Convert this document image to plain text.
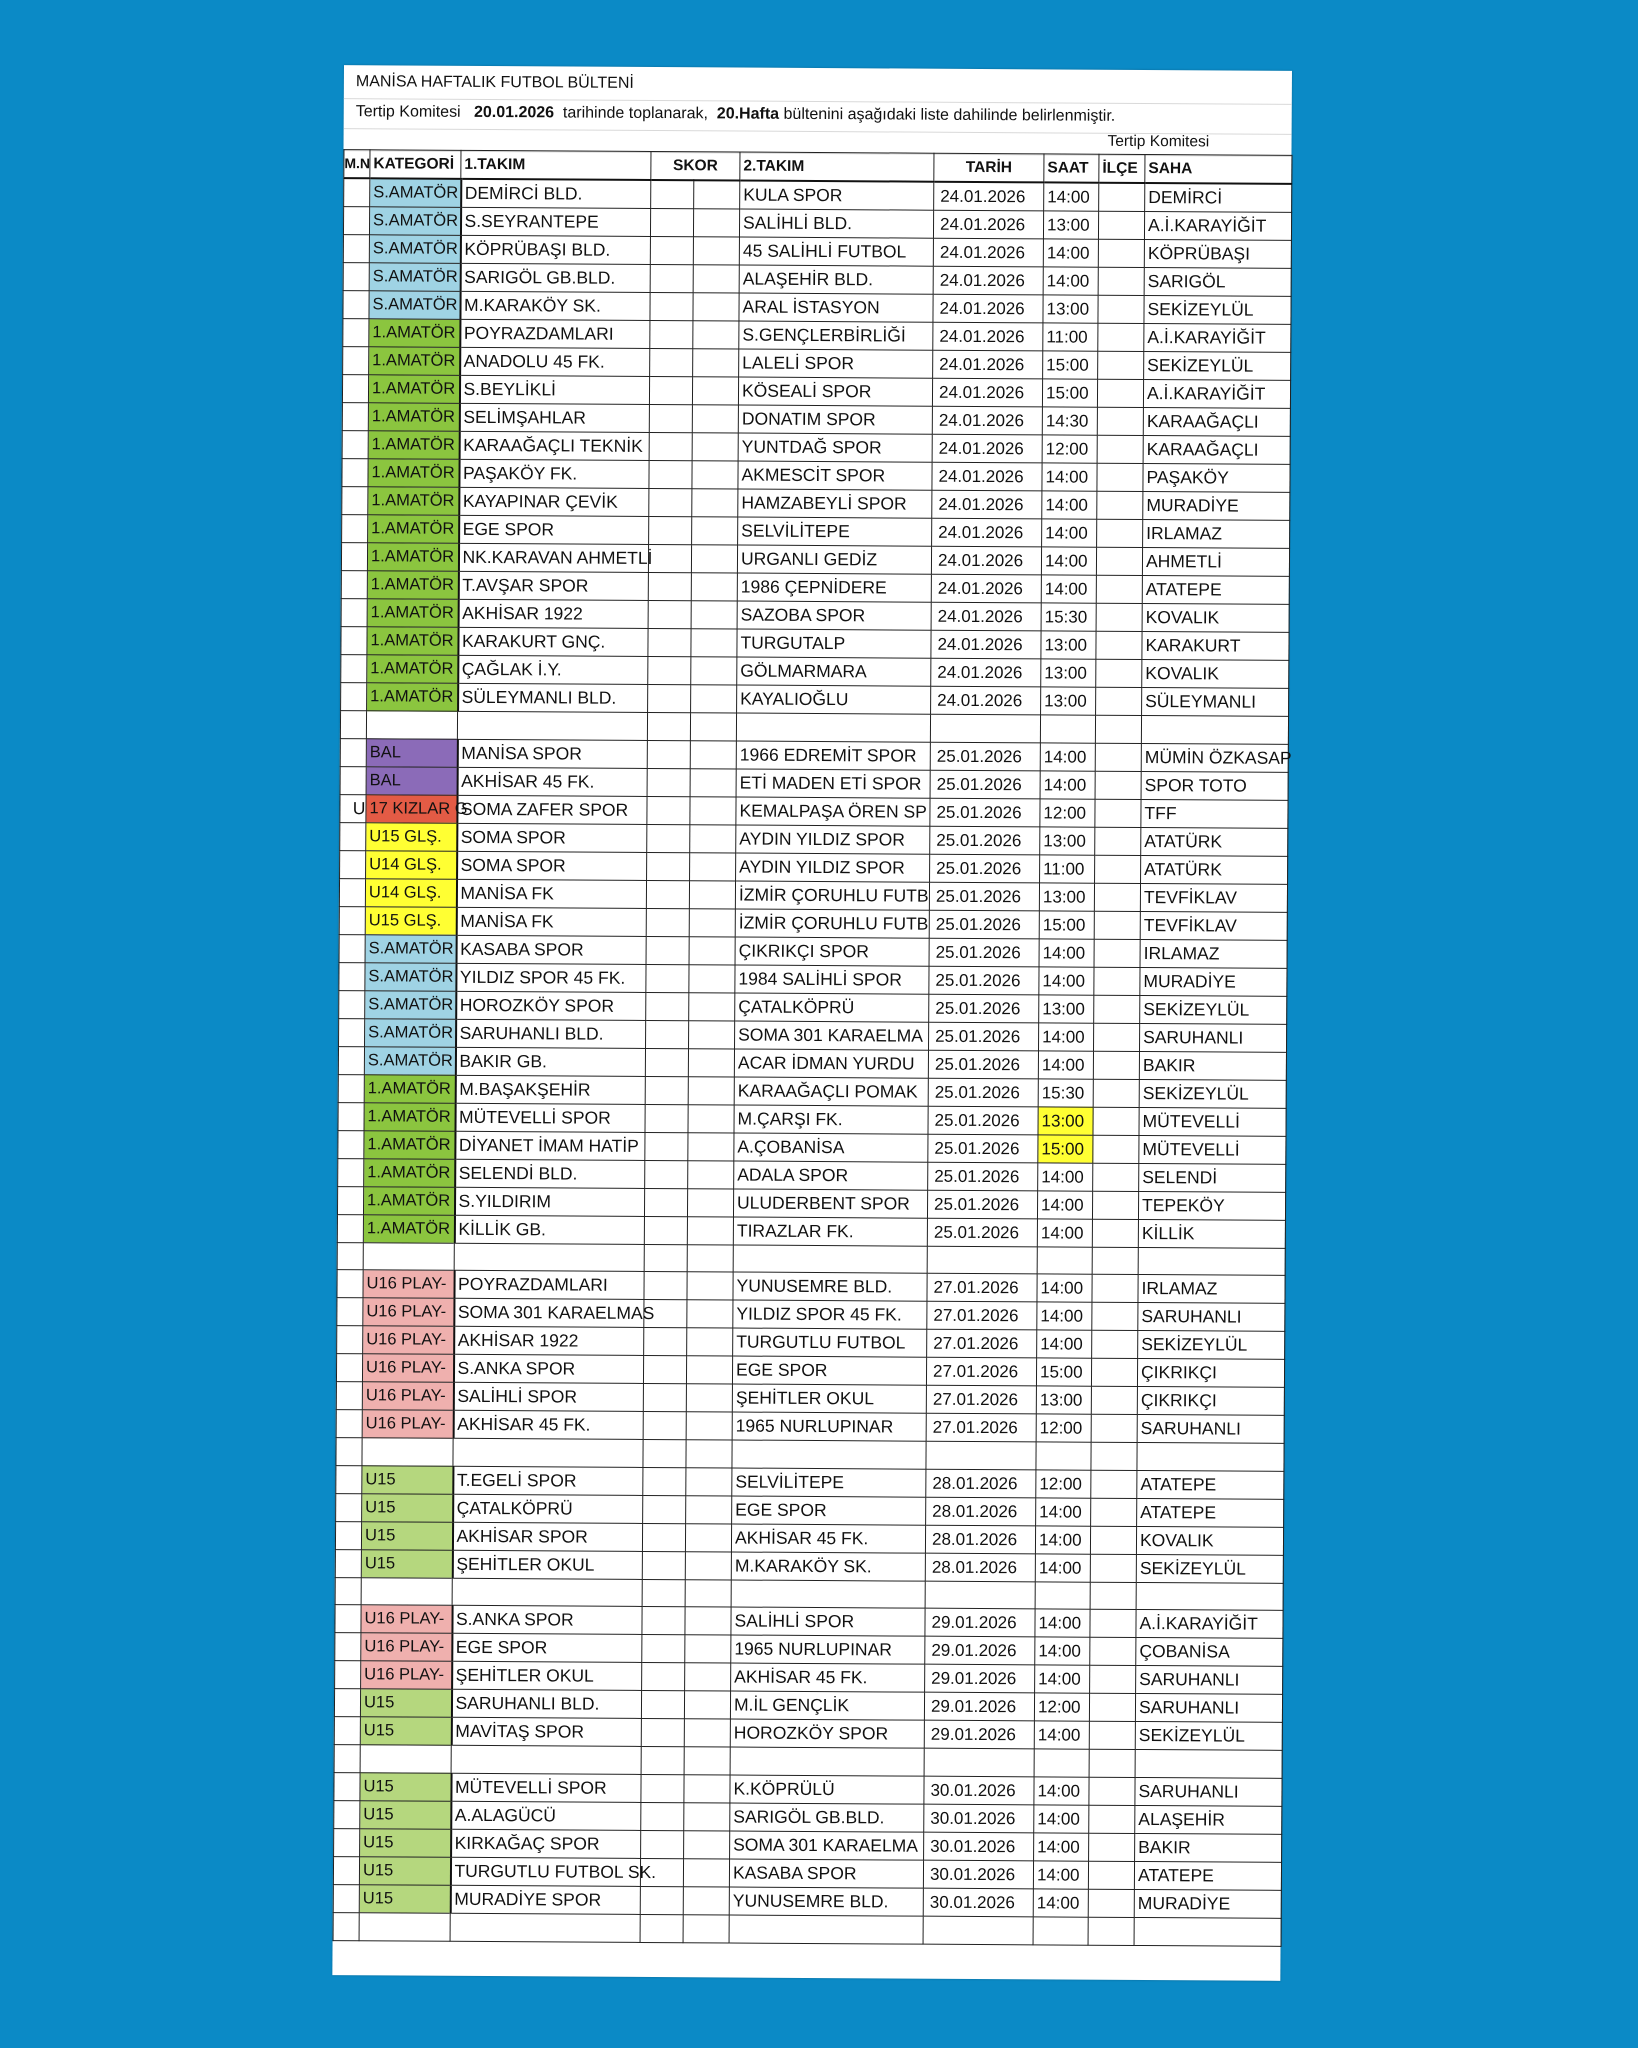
MANİSA HAFTALIK FUTBOL BÜLTENİ
Tertip Komitesi 20.01.2026 tarihinde toplanarak, 20.Hafta bültenini aşağıdaki liste dahilinde belirlenmiştir.
Tertip Komitesi
M.N	KATEGORİ	1.TAKIM	SKOR		2.TAKIM	TARİH	SAAT	İLÇE	SAHA
	S.AMATÖR	DEMİRCİ BLD.			KULA SPOR	24.01.2026	14:00		DEMİRCİ
	S.AMATÖR	S.SEYRANTEPE			SALİHLİ BLD.	24.01.2026	13:00		A.İ.KARAYİĞİT
	S.AMATÖR	KÖPRÜBAŞI BLD.			45 SALİHLİ FUTBOL	24.01.2026	14:00		KÖPRÜBAŞI
	S.AMATÖR	SARIGÖL GB.BLD.			ALAŞEHİR BLD.	24.01.2026	14:00		SARIGÖL
	S.AMATÖR	M.KARAKÖY SK.			ARAL İSTASYON	24.01.2026	13:00		SEKİZEYLÜL
	1.AMATÖR	POYRAZDAMLARI			S.GENÇLERBİRLİĞİ	24.01.2026	11:00		A.İ.KARAYİĞİT
	1.AMATÖR	ANADOLU 45 FK.			LALELİ SPOR	24.01.2026	15:00		SEKİZEYLÜL
	1.AMATÖR	S.BEYLİKLİ			KÖSEALİ SPOR	24.01.2026	15:00		A.İ.KARAYİĞİT
	1.AMATÖR	SELİMŞAHLAR			DONATIM SPOR	24.01.2026	14:30		KARAAĞAÇLI
	1.AMATÖR	KARAAĞAÇLI TEKNİK			YUNTDAĞ SPOR	24.01.2026	12:00		KARAAĞAÇLI
	1.AMATÖR	PAŞAKÖY FK.			AKMESCİT SPOR	24.01.2026	14:00		PAŞAKÖY
	1.AMATÖR	KAYAPINAR ÇEVİK			HAMZABEYLİ SPOR	24.01.2026	14:00		MURADİYE
	1.AMATÖR	EGE SPOR			SELVİLİTEPE	24.01.2026	14:00		IRLAMAZ
	1.AMATÖR	NK.KARAVAN AHMETLİ			URGANLI GEDİZ	24.01.2026	14:00		AHMETLİ
	1.AMATÖR	T.AVŞAR SPOR			1986 ÇEPNİDERE	24.01.2026	14:00		ATATEPE
	1.AMATÖR	AKHİSAR 1922			SAZOBA SPOR	24.01.2026	15:30		KOVALIK
	1.AMATÖR	KARAKURT GNÇ.			TURGUTALP	24.01.2026	13:00		KARAKURT
	1.AMATÖR	ÇAĞLAK İ.Y.			GÖLMARMARA	24.01.2026	13:00		KOVALIK
	1.AMATÖR	SÜLEYMANLI BLD.			KAYALIOĞLU	24.01.2026	13:00		SÜLEYMANLI

	BAL	MANİSA SPOR			1966 EDREMİT SPOR	25.01.2026	14:00		MÜMİN ÖZKASAP
	BAL	AKHİSAR 45 FK.			ETİ MADEN ETİ SPOR	25.01.2026	14:00		SPOR TOTO
U	17 KIZLAR G	SOMA ZAFER SPOR			KEMALPAŞA ÖREN SP	25.01.2026	12:00		TFF
	U15 GLŞ.	SOMA SPOR			AYDIN YILDIZ SPOR	25.01.2026	13:00		ATATÜRK
	U14 GLŞ.	SOMA SPOR			AYDIN YILDIZ SPOR	25.01.2026	11:00		ATATÜRK
	U14 GLŞ.	MANİSA FK			İZMİR ÇORUHLU FUTB	25.01.2026	13:00		TEVFİKLAV
	U15 GLŞ.	MANİSA FK			İZMİR ÇORUHLU FUTB	25.01.2026	15:00		TEVFİKLAV
	S.AMATÖR	KASABA SPOR			ÇIKRIKÇI SPOR	25.01.2026	14:00		IRLAMAZ
	S.AMATÖR	YILDIZ SPOR 45 FK.			1984 SALİHLİ SPOR	25.01.2026	14:00		MURADİYE
	S.AMATÖR	HOROZKÖY SPOR			ÇATALKÖPRÜ	25.01.2026	13:00		SEKİZEYLÜL
	S.AMATÖR	SARUHANLI BLD.			SOMA 301 KARAELMA	25.01.2026	14:00		SARUHANLI
	S.AMATÖR	BAKIR GB.			ACAR İDMAN YURDU	25.01.2026	14:00		BAKIR
	1.AMATÖR	M.BAŞAKŞEHİR			KARAAĞAÇLI POMAK	25.01.2026	15:30		SEKİZEYLÜL
	1.AMATÖR	MÜTEVELLİ SPOR			M.ÇARŞI FK.	25.01.2026	13:00		MÜTEVELLİ
	1.AMATÖR	DİYANET İMAM HATİP			A.ÇOBANİSA	25.01.2026	15:00		MÜTEVELLİ
	1.AMATÖR	SELENDİ BLD.			ADALA SPOR	25.01.2026	14:00		SELENDİ
	1.AMATÖR	S.YILDIRIM			ULUDERBENT SPOR	25.01.2026	14:00		TEPEKÖY
	1.AMATÖR	KİLLİK GB.			TIRAZLAR FK.	25.01.2026	14:00		KİLLİK

	U16 PLAY-	POYRAZDAMLARI			YUNUSEMRE BLD.	27.01.2026	14:00		IRLAMAZ
	U16 PLAY-	SOMA 301 KARAELMAS			YILDIZ SPOR 45 FK.	27.01.2026	14:00		SARUHANLI
	U16 PLAY-	AKHİSAR 1922			TURGUTLU FUTBOL	27.01.2026	14:00		SEKİZEYLÜL
	U16 PLAY-	S.ANKA SPOR			EGE SPOR	27.01.2026	15:00		ÇIKRIKÇI
	U16 PLAY-	SALİHLİ SPOR			ŞEHİTLER OKUL	27.01.2026	13:00		ÇIKRIKÇI
	U16 PLAY-	AKHİSAR 45 FK.			1965 NURLUPINAR	27.01.2026	12:00		SARUHANLI

	U15	T.EGELİ SPOR			SELVİLİTEPE	28.01.2026	12:00		ATATEPE
	U15	ÇATALKÖPRÜ			EGE SPOR	28.01.2026	14:00		ATATEPE
	U15	AKHİSAR SPOR			AKHİSAR 45 FK.	28.01.2026	14:00		KOVALIK
	U15	ŞEHİTLER OKUL			M.KARAKÖY SK.	28.01.2026	14:00		SEKİZEYLÜL

	U16 PLAY-	S.ANKA SPOR			SALİHLİ SPOR	29.01.2026	14:00		A.İ.KARAYİĞİT
	U16 PLAY-	EGE SPOR			1965 NURLUPINAR	29.01.2026	14:00		ÇOBANİSA
	U16 PLAY-	ŞEHİTLER OKUL			AKHİSAR 45 FK.	29.01.2026	14:00		SARUHANLI
	U15	SARUHANLI BLD.			M.İL GENÇLİK	29.01.2026	12:00		SARUHANLI
	U15	MAVİTAŞ SPOR			HOROZKÖY SPOR	29.01.2026	14:00		SEKİZEYLÜL

	U15	MÜTEVELLİ SPOR			K.KÖPRÜLÜ	30.01.2026	14:00		SARUHANLI
	U15	A.ALAGÜCÜ			SARIGÖL GB.BLD.	30.01.2026	14:00		ALAŞEHİR
	U15	KIRKAĞAÇ SPOR			SOMA 301 KARAELMA	30.01.2026	14:00		BAKIR
	U15	TURGUTLU FUTBOL SK.			KASABA SPOR	30.01.2026	14:00		ATATEPE
	U15	MURADİYE SPOR			YUNUSEMRE BLD.	30.01.2026	14:00		MURADİYE
